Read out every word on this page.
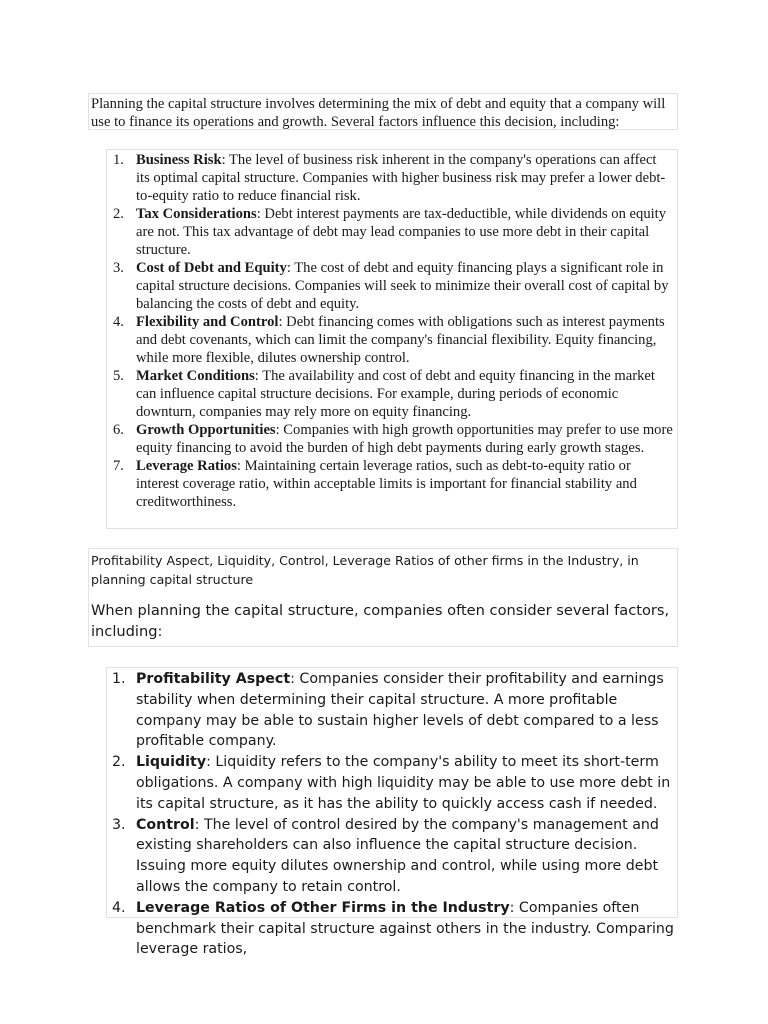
Planning the capital structure involves determining the mix of debt and equity that a company will use to finance its operations and growth. Several factors influence this decision, including:

1. Business Risk: The level of business risk inherent in the company's operations can affect its optimal capital structure. Companies with higher business risk may prefer a lower debt-to-equity ratio to reduce financial risk.
2. Tax Considerations: Debt interest payments are tax-deductible, while dividends on equity are not. This tax advantage of debt may lead companies to use more debt in their capital structure.
3. Cost of Debt and Equity: The cost of debt and equity financing plays a significant role in capital structure decisions. Companies will seek to minimize their overall cost of capital by balancing the costs of debt and equity.
4. Flexibility and Control: Debt financing comes with obligations such as interest payments and debt covenants, which can limit the company's financial flexibility. Equity financing, while more flexible, dilutes ownership control.
5. Market Conditions: The availability and cost of debt and equity financing in the market can influence capital structure decisions. For example, during periods of economic downturn, companies may rely more on equity financing.
6. Growth Opportunities: Companies with high growth opportunities may prefer to use more equity financing to avoid the burden of high debt payments during early growth stages.
7. Leverage Ratios: Maintaining certain leverage ratios, such as debt-to-equity ratio or interest coverage ratio, within acceptable limits is important for financial stability and creditworthiness.

Profitability Aspect, Liquidity, Control, Leverage Ratios of other firms in the Industry, in planning capital structure

When planning the capital structure, companies often consider several factors, including:

1. Profitability Aspect: Companies consider their profitability and earnings stability when determining their capital structure. A more profitable company may be able to sustain higher levels of debt compared to a less profitable company.
2. Liquidity: Liquidity refers to the company's ability to meet its short-term obligations. A company with high liquidity may be able to use more debt in its capital structure, as it has the ability to quickly access cash if needed.
3. Control: The level of control desired by the company's management and existing shareholders can also influence the capital structure decision. Issuing more equity dilutes ownership and control, while using more debt allows the company to retain control.
4. Leverage Ratios of Other Firms in the Industry: Companies often benchmark their capital structure against others in the industry. Comparing leverage ratios,
